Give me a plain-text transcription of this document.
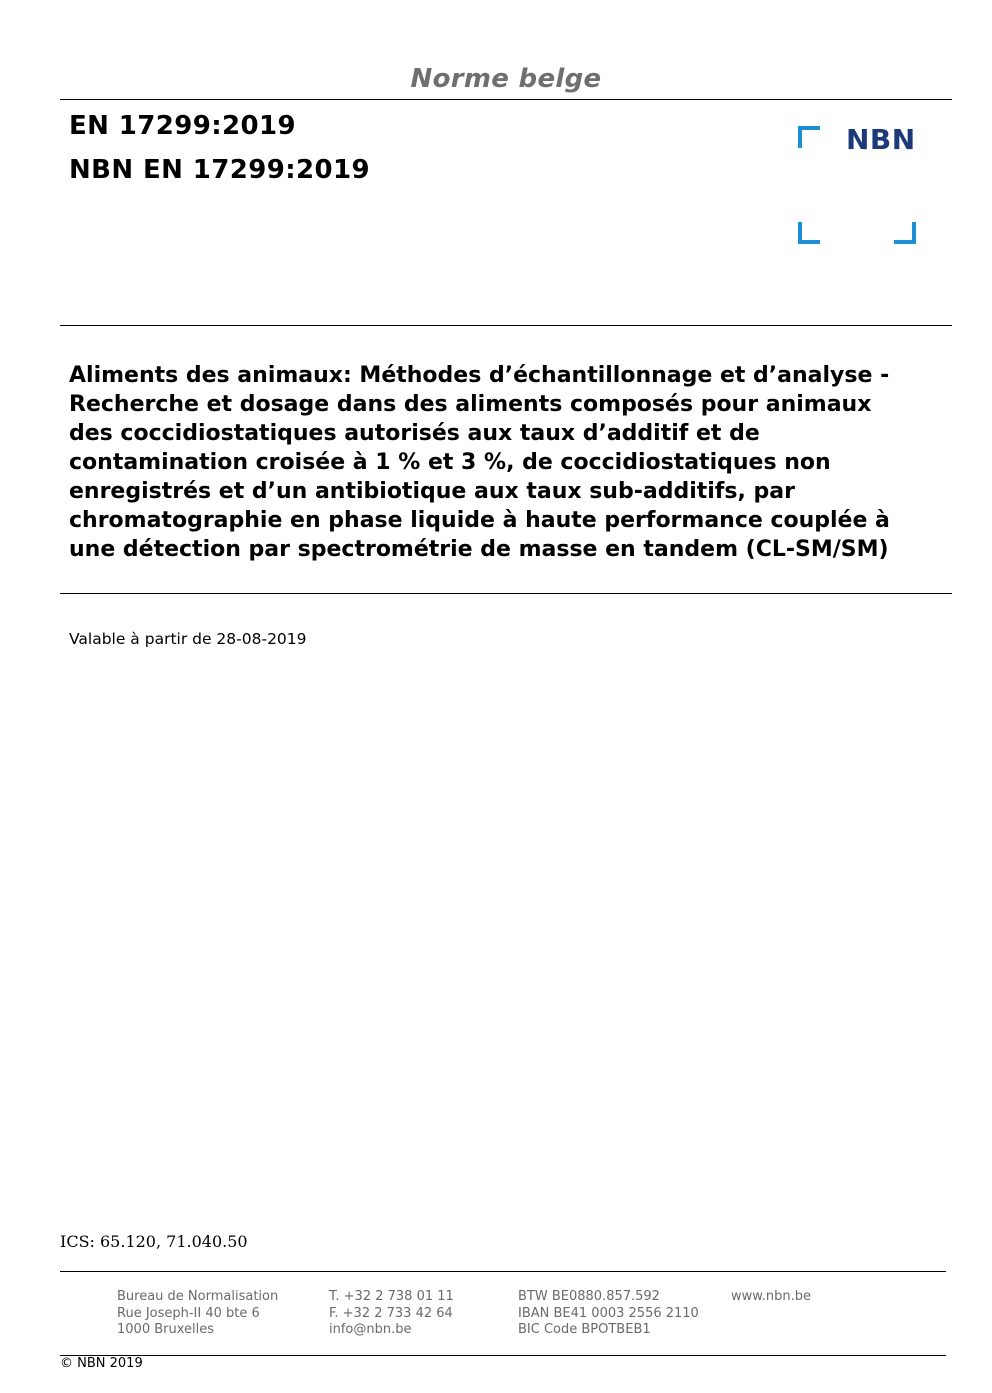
Norme belge
EN 17299:2019
NBN EN 17299:2019
NBN
Aliments des animaux: Méthodes d’échantillonnage et d’analyse -
Recherche et dosage dans des aliments composés pour animaux
des coccidiostatiques autorisés aux taux d’additif et de
contamination croisée à 1 % et 3 %, de coccidiostatiques non
enregistrés et d’un antibiotique aux taux sub-additifs, par
chromatographie en phase liquide à haute performance couplée à
une détection par spectrométrie de masse en tandem (CL-SM/SM)
Valable à partir de 28-08-2019
ICS: 65.120, 71.040.50
Bureau de Normalisation
Rue Joseph-II 40 bte 6
1000 Bruxelles
T. +32 2 738 01 11
F. +32 2 733 42 64
info@nbn.be
BTW BE0880.857.592
IBAN BE41 0003 2556 2110
BIC Code BPOTBEB1
www.nbn.be
© NBN 2019
